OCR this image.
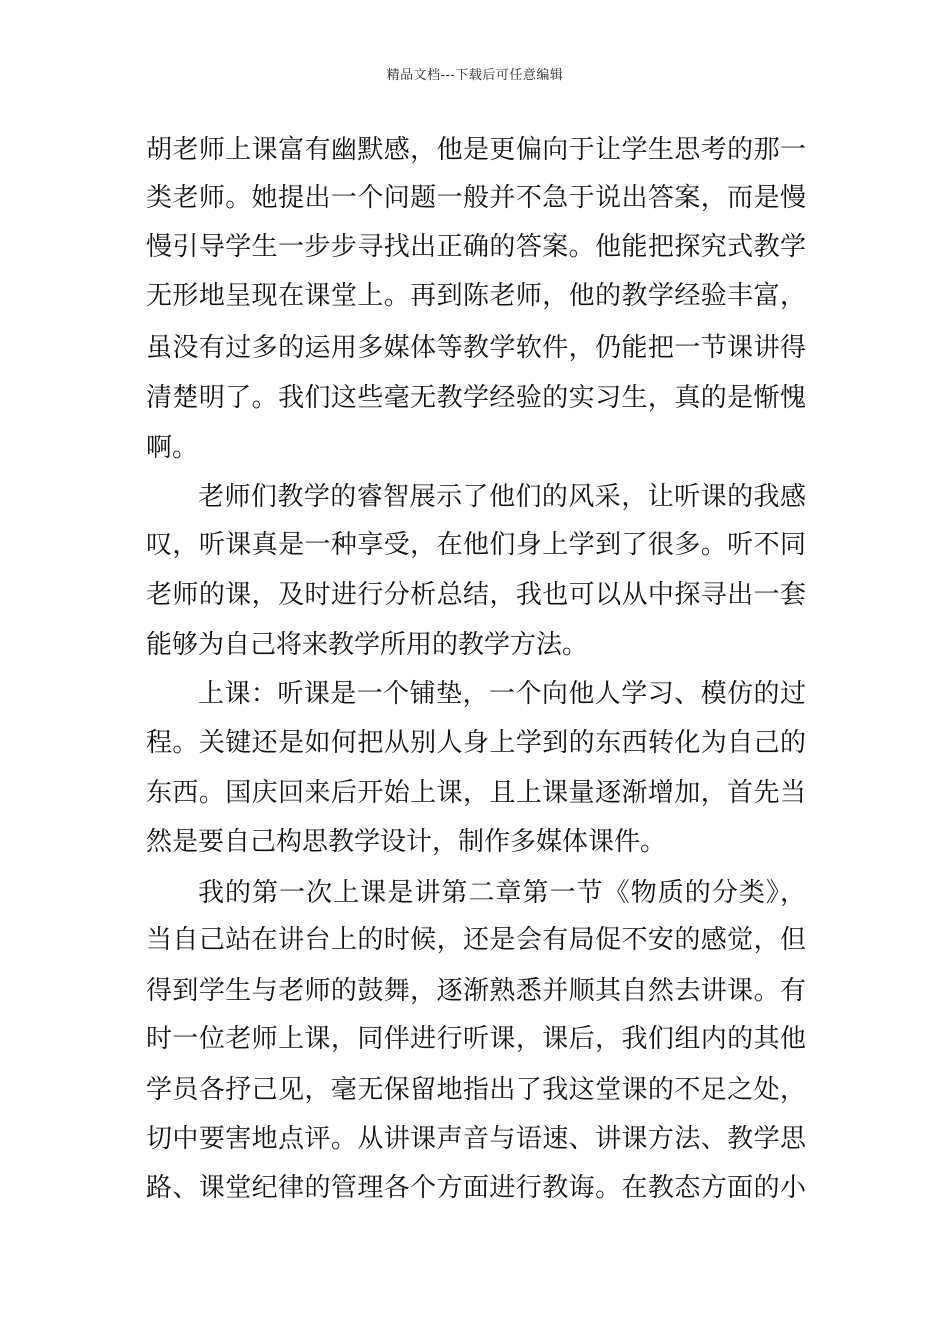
精品文档---下载后可任意编辑
胡老师上课富有幽默感，他是更偏向于让学生思考的那一
类老师。她提出一个问题一般并不急于说出答案，而是慢
慢引导学生一步步寻找出正确的答案。他能把探究式教学
无形地呈现在课堂上。再到陈老师，他的教学经验丰富，
虽没有过多的运用多媒体等教学软件，仍能把一节课讲得
清楚明了。我们这些毫无教学经验的实习生，真的是惭愧
啊。
老师们教学的睿智展示了他们的风采，让听课的我感
叹，听课真是一种享受，在他们身上学到了很多。听不同
老师的课，及时进行分析总结，我也可以从中探寻出一套
能够为自己将来教学所用的教学方法。
上课：听课是一个铺垫，一个向他人学习、模仿的过
程。关键还是如何把从别人身上学到的东西转化为自己的
东西。国庆回来后开始上课，且上课量逐渐增加，首先当
然是要自己构思教学设计，制作多媒体课件。
我的第一次上课是讲第二章第一节《物质的分类》，
当自己站在讲台上的时候，还是会有局促不安的感觉，但
得到学生与老师的鼓舞，逐渐熟悉并顺其自然去讲课。有
时一位老师上课，同伴进行听课，课后，我们组内的其他
学员各抒己见，毫无保留地指出了我这堂课的不足之处，
切中要害地点评。从讲课声音与语速、讲课方法、教学思
路、课堂纪律的管理各个方面进行教诲。在教态方面的小
